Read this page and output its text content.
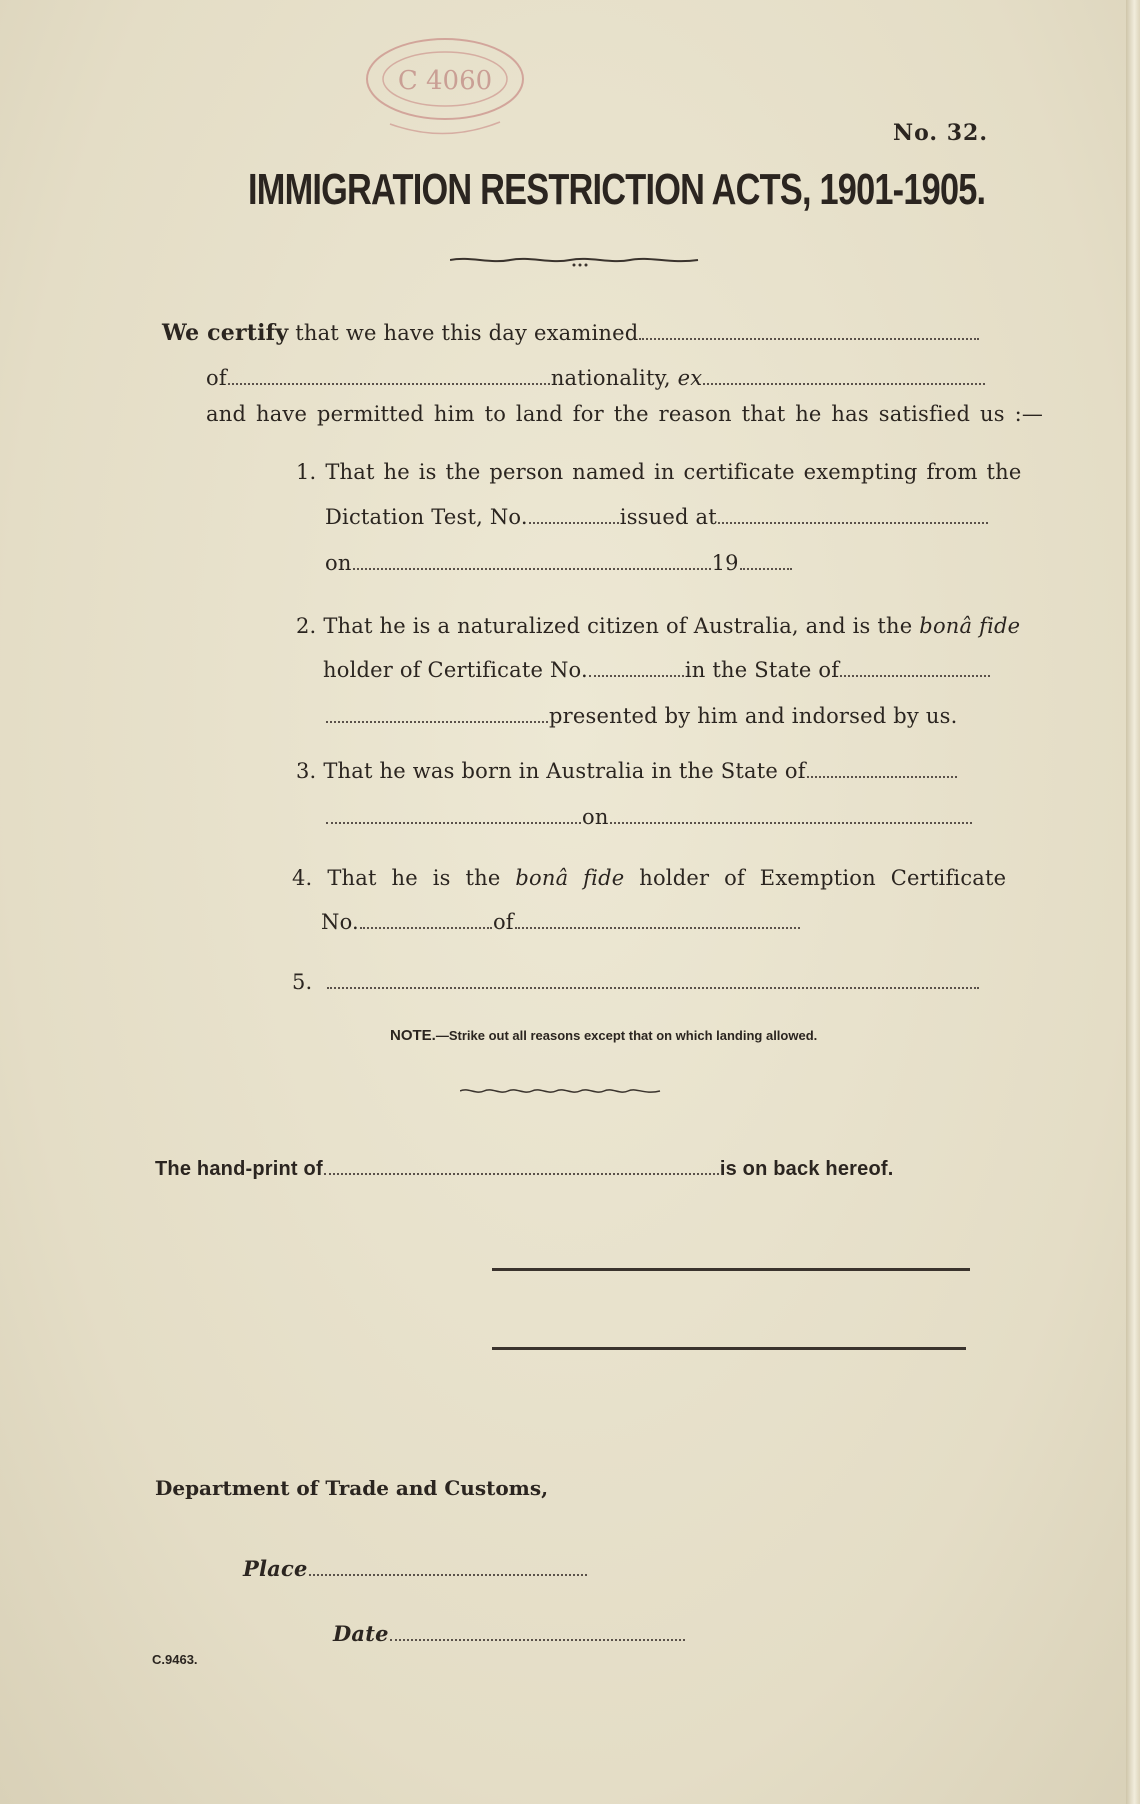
C 4060
No. 32.
IMMIGRATION RESTRICTION ACTS, 1901-1905.
We certify that we have this day examined
of	nationality, ex
and have permitted him to land for the reason that he has satisfied us :—
1. That he is the person named in certificate exempting from the
Dictation Test, No.	issued at
on	19
2. That he is a naturalized citizen of Australia, and is the bonâ fide
holder of Certificate No.	in the State of
presented by him and indorsed by us.
3. That he was born in Australia in the State of
on
4. That he is the bonâ fide holder of Exemption Certificate
No.	of
5.
NOTE.—Strike out all reasons except that on which landing allowed.
The hand-print of	is on back hereof.
Department of Trade and Customs,
Place
Date
C.9463.
